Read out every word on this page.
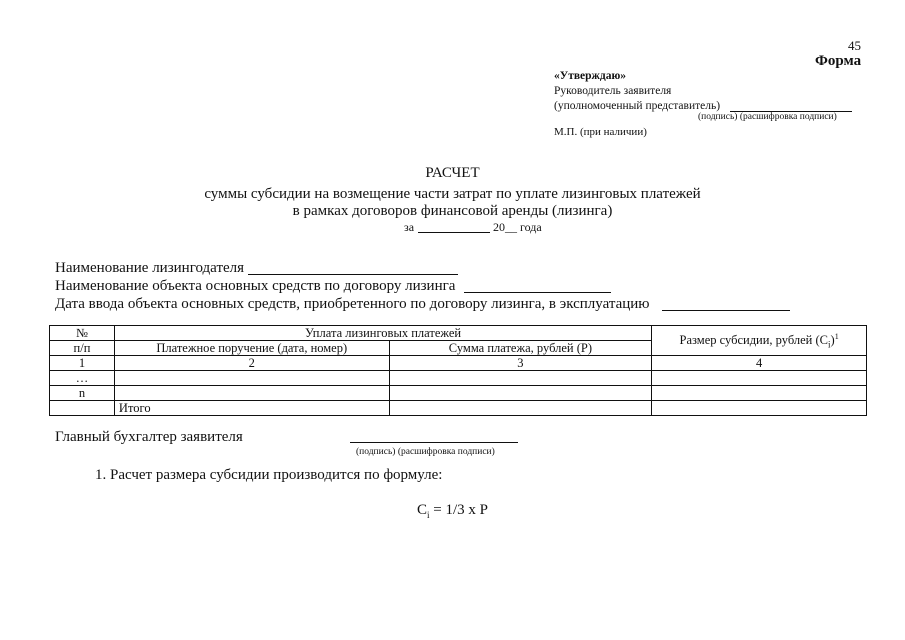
45
Форма
«Утверждаю»
Руководитель заявителя
(уполномоченный представитель)
(подпись) (расшифровка подписи)
М.П. (при наличии)
РАСЧЕТ
суммы субсидии на возмещение части затрат по уплате лизинговых платежей
в рамках договоров финансовой аренды (лизинга)
за	20__ года
Наименование лизингодателя
Наименование объекта основных средств по договору лизинга
Дата ввода объекта основных средств, приобретенного по договору лизинга, в эксплуатацию
№	Уплата лизинговых платежей		Размер субсидии, рублей $(C_i)^1$
п/п	Платежное поручение (дата, номер)	Сумма платежа, рублей (P)	
1	2	3	4
…			
n			
	Итого		
Главный бухгалтер заявителя
(подпись) (расшифровка подписи)
1. Расчет размера субсидии производится по формуле:
$C_i = 1/3$ x P
